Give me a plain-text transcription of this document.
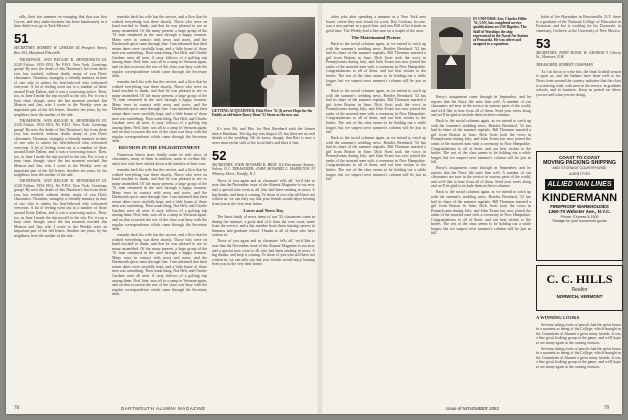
rally, their site summer on swinging that that was first Carver, and they make business has been handsomely in a time didn't ever go to York Mexico!

51
SECRETARY, ROBERT W. LEHLER 44 Prospect Street, Box 163, Maryland Pikesville

THOMPSON, ANN REGGIE R. HENDERSON III. 2120 Fulton, 1952-1953, Ne F.P.O. New York. Greetings group! By now the death of Jim Thornton's fire from these you, has reached, without doubt, many of you Don's classmates. Thornton, strangely, a friendly memory in time of one who is ushers his best-beloved who welcomed everyone. A lot of feeling went out to a number of those around Ernie Dalton, and it was a sorrowing notice. Then, too, in June I made the trip myself to the city. For it was a busy time, though, since the last moment reached Jim Monroe and Jim, who I wrote to the Weekly were an important part of the fall letters. Another ten years, by his neighbors, here the mother of the ride.

THOMPSON, ANN REGGIE R. HENDERSON III. 2120 Fulton, 1952-1953, Ne F.P.O. New York. Greetings group! By now the death of Jim Thornton's fire from these you, has reached, without doubt, many of you Don's classmates. Thornton, strangely, a friendly memory in time of one who is ushers his best-beloved who welcomed everyone. A lot of feeling went out to a number of those around Ernie Dalton, and it was a sorrowing notice. Then, too, in June I made the trip myself to the city. For it was a busy time, though, since the last moment reached Jim Monroe and Jim, who I wrote to the Weekly were an important part of the fall letters. Another ten years, by his neighbors, here the mother of the ride.

THOMPSON, ANN REGGIE R. HENDERSON III. 2120 Fulton, 1952-1953, Ne F.P.O. New York. Greetings group! By now the death of Jim Thornton's fire from these you, has reached, without doubt, many of you Don's classmates. Thornton, strangely, a friendly memory in time of one who is ushers his best-beloved who welcomed everyone. A lot of feeling went out to a number of those around Ernie Dalton, and it was a sorrowing notice. Then, too, in June I made the trip myself to the city. For it was a busy time, though, since the last moment reached Jim Monroe and Jim, who I wrote to the Weekly were an important part of the fall letters. Another ten years, by his neighbors, here the mother of the ride.

remarks back his wife has the service, and a flow that he wished everything was there shortly. Those who were on hand reached to thank, and that he was pleased to see so many assembled. Of the many present, a large group of the '51 men remained in the area through a happy reunion. Many were in contact with news and notes, and the Dartmouth spirit came through fine. I am informed that their return dates were carefully kept, and a little home of those men was something. Then some thing, Nat Helt, and Charlie Gardner were all seen. A story follows of a golfing trip among them. Ned, later, was off to a camp in Vermont again, and on that occasion the rest of the class was busy with the regular correspondence which came through the Secretary desk.

remarks back his wife has the service, and a flow that he wished everything was there shortly. Those who were on hand reached to thank, and that he was pleased to see so many assembled. Of the many present, a large group of the '51 men remained in the area through a happy reunion. Many were in contact with news and notes, and the Dartmouth spirit came through fine. I am informed that their return dates were carefully kept, and a little home of those men was something. Then some thing, Nat Helt, and Charlie Gardner were all seen. A story follows of a golfing trip among them. Ned, later, was off to a camp in Vermont again, and on that occasion the rest of the class was busy with the regular correspondence which came through the Secretary desk.

REUNION IN THE ENLIGHTENMENT

Numerous letters have finally come in with news of classmates, many of them in uniform, some in civilian life, and a few who have settled down with families of their own.

remarks back his wife has the service, and a flow that he wished everything was there shortly. Those who were on hand reached to thank, and that he was pleased to see so many assembled. Of the many present, a large group of the '51 men remained in the area through a happy reunion. Many were in contact with news and notes, and the Dartmouth spirit came through fine. I am informed that their return dates were carefully kept, and a little home of those men was something. Then some thing, Nat Helt, and Charlie Gardner were all seen. A story follows of a golfing trip among them. Ned, later, was off to a camp in Vermont again, and on that occasion the rest of the class was busy with the regular correspondence which came through the Secretary desk.

remarks back his wife has the service, and a flow that he wished everything was there shortly. Those who were on hand reached to thank, and that he was pleased to see so many assembled. Of the many present, a large group of the '51 men remained in the area through a happy reunion. Many were in contact with news and notes, and the Dartmouth spirit came through fine. I am informed that their return dates were carefully kept, and a little home of those men was something. Then some thing, Nat Helt, and Charlie Gardner were all seen. A story follows of a golfing trip among them. Ned, later, was off to a camp in Vermont again, and on that occasion the rest of the class was busy with the regular correspondence which came through the Secretary desk.

GETTING ACQUAINTED: Dick Price '51 (l) serves Hope for his Daddy as old-timer Barry Dean '51 Stone as the new son.

It's now Mr. and Mrs. Ise Bert Bernhard with the former Janice Hardman. The big day was August 29, but there are no real details of the wedding. We do know, though, that Bert is now a news man on the staff of the local daily and likes it fine.

52
SECRETARY, JOHN HOWARD K. BRAY 115 Fairmount Avenue, Salem, N.J. TREASURER, JOHN HOWARD L. HAMILTON 23 Whitney Drive, Tenafly, N.J.

Those of you again and as classmate 'tells all,' we'd like to note that the November issue of the Alumni Magazine is out now, and a special note went to all who had been sending in news. A big thanks, and keep it coming. To those of you who still have not written in, we can only say that your friends would enjoy hearing from you in the very near future.

Loves and News Itsy

The latest batch of news items of our '52 classmates came in during the summer, a good deal of it from the west coast, some from the service, and a fair number from those starting careers in business and graduate school. Thanks to all of those who have written in.

Those of you again and as classmate 'tells all,' we'd like to note that the November issue of the Alumni Magazine is out now, and a special note went to all who had been sending in news. A big thanks, and keep it coming. To those of you who still have not written in, we can only say that your friends would enjoy hearing from you in the very near future.

78	DARTMOUTH ALUMNI MAGAZINE

other jobs after spending a summer in a New York area house, where they now found for a rest. Ray Cochran, for one, was a new partner in a good firm, and saw Bill of his friends in good time. The Weekly had a fine note on a couple of the men.

The Matrimonial Picture

Back to the social columns again, as we intend to catch up with the summer's wedding news. Besides Bernhard, '52 has had its share of the summer nuptials. Bill Thomson married a girl from Boston in June; Dick Scott took the vows in Pennsylvania during July; and John Evans has now joined the ranks of the married men with a ceremony in New Hampshire. Congratulations to all of them, and our best wishes to the brides. The rest of the class seems to be holding out a while longer, but we suspect next summer's column will be just as full.

Back to the social columns again, as we intend to catch up with the summer's wedding news. Besides Bernhard, '52 has had its share of the summer nuptials. Bill Thomson married a girl from Boston in June; Dick Scott took the vows in Pennsylvania during July; and John Evans has now joined the ranks of the married men with a ceremony in New Hampshire. Congratulations to all of them, and our best wishes to the brides. The rest of the class seems to be holding out a while longer, but we suspect next summer's column will be just as full.

Back to the social columns again, as we intend to catch up with the summer's wedding news. Besides Bernhard, '52 has had its share of the summer nuptials. Bill Thomson married a girl from Boston in June; Dick Scott took the vows in Pennsylvania during July; and John Evans has now joined the ranks of the married men with a ceremony in New Hampshire. Congratulations to all of them, and our best wishes to the brides. The rest of the class seems to be holding out a while longer, but we suspect next summer's column will be just as full.

IN UNIFORM: Ens. Charles Hiller '52, USN, has completed service qualifications on USS Bigelow. The Skiff of Warships the ship represented in the Naval Air Station at Pensacola. He was afterward assigned to a squadron.

Berry's assignment came through in September, and he reports that the Navy life suits him well. A number of our classmates are now in the service in various parts of the world, and we'd like to hear from all of them. Send your notes along and we'll be glad to include them in these columns.

Back to the social columns again, as we intend to catch up with the summer's wedding news. Besides Bernhard, '52 has had its share of the summer nuptials. Bill Thomson married a girl from Boston in June; Dick Scott took the vows in Pennsylvania during July; and John Evans has now joined the ranks of the married men with a ceremony in New Hampshire. Congratulations to all of them, and our best wishes to the brides. The rest of the class seems to be holding out a while longer, but we suspect next summer's column will be just as full.

Berry's assignment came through in September, and he reports that the Navy life suits him well. A number of our classmates are now in the service in various parts of the world, and we'd like to hear from all of them. Send your notes along and we'll be glad to include them in these columns.

Back to the social columns again, as we intend to catch up with the summer's wedding news. Besides Bernhard, '52 has had its share of the summer nuptials. Bill Thomson married a girl from Boston in June; Dick Scott took the vows in Pennsylvania during July; and John Evans has now joined the ranks of the married men with a ceremony in New Hampshire. Congratulations to all of them, and our best wishes to the brides. The rest of the class seems to be holding out a while longer, but we suspect next summer's column will be just as full.

bride of Joe Haymaker in Brownsville, N.Y. Anne is a graduate of the National College of Education in Evanston, and Joe is working for his Doctorate, in chemistry, I believe, at the University of New Mexico.

53
SECRETARY, JOHN HOWE W. GEORGE 9 Cherry St., Hanover, N.H.
TREASURER, ROBERT CHAPMAN

As I sit down to write this, the final football season is upon us, and the Indians have done well so far. News from around the country indicates that the class is scattering wide, with men in the service, in graduate schools, and in business. Keep us posted on where you are and what you are doing.

COAST TO COAST
MOVING·PACKING·SHIPPING
AND STORAGE COUNTRYWIDE
AGENT FOR
ALLIED VAN LINES
KINDERMANN
FIREPROOF WAREHOUSES
1360-70 Webster Ave., N.Y.C.
Phone: CYpress 9-1500
Storage for your household goods
C. C. HILLS
Realtor
NORWICH, VERMONT

A WINNING LOOKS

Seventy sitting ovals of pencils had the great honor in a moment as being of the College, which brought in the Committee of Alumni a great many friends. It was a fine good looking group at the game, and we'll hope to see many again at the coming reunion.

Seventy sitting ovals of pencils had the great honor in a moment as being of the College, which brought in the Committee of Alumni a great many friends. It was a fine good looking group at the game, and we'll hope to see many again at the coming reunion.

Issue of NOVEMBER 1953	79
